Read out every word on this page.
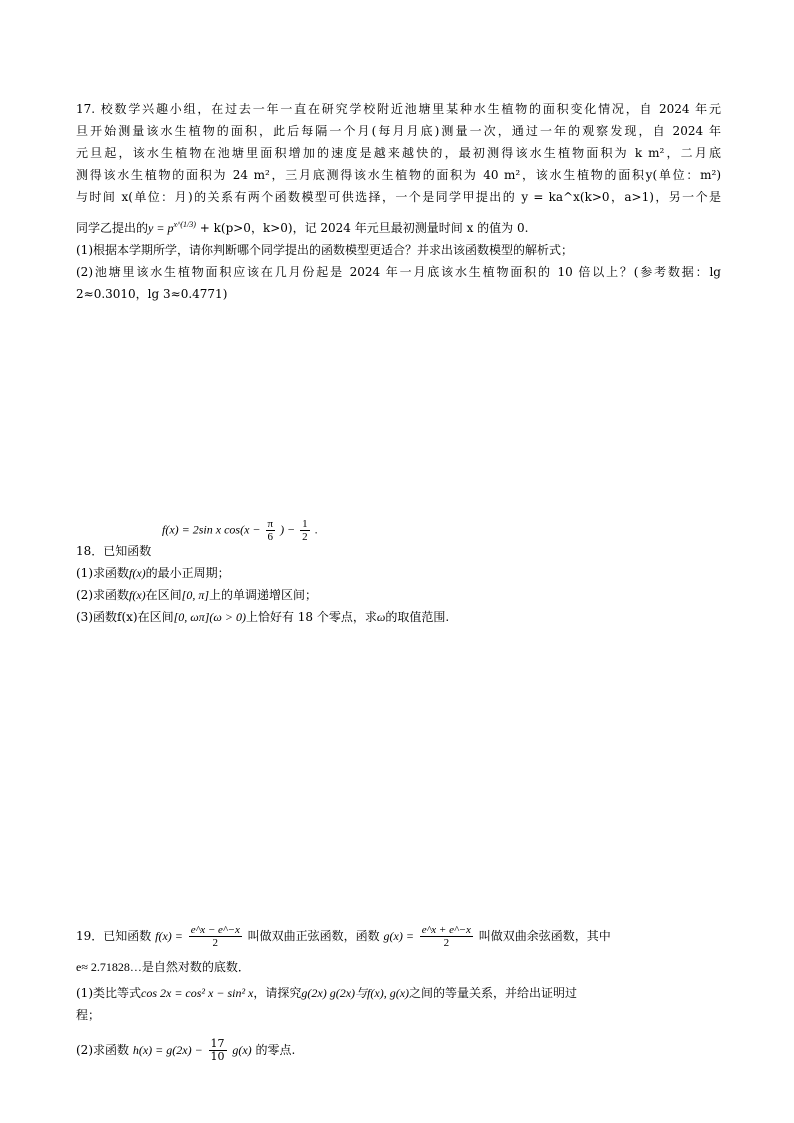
17. 校数学兴趣小组，在过去一年一直在研究学校附近池塘里某种水生植物的面积变化情况，自 2024 年元
旦开始测量该水生植物的面积，此后每隔一个月(每月月底)测量一次，通过一年的观察发现，自 2024 年
元旦起，该水生植物在池塘里面积增加的速度是越来越快的，最初测得该水生植物面积为 k m²，二月底
测得该水生植物的面积为 24 m²，三月底测得该水生植物的面积为 40 m²，该水生植物的面积y(单位：m²)
与时间 x(单位：月)的关系有两个函数模型可供选择，一个是同学甲提出的 y = ka^x(k>0，a>1)，另一个是
同学乙提出的$y = p^{x\^{}(1/3)} + k(p>0$，k>0)，记 2024 年元旦最初测量时间 x 的值为 0.
(1)根据本学期所学，请你判断哪个同学提出的函数模型更适合？并求出该函数模型的解析式；
(2)池塘里该水生植物面积应该在几月份起是 2024 年一月底该水生植物面积的 10 倍以上？(参考数据：lg
2≈0.3010，lg 3≈0.4771)
f(x) = 2sin x $\cos(x - \frac{\pi}{6}$ ) − $\frac{1}{2}$ .
18．已知函数
(1)求函数f(x)的最小正周期；
(2)求函数f(x)在区间[0, π]上的单调递增区间；
(3)函数f(x)在区间[0, ωπ](ω > 0)上恰好有 18 个零点，求ω的取值范围.
19．已知函数 $f(x) = \frac{e\^{}x - e\^{}-x}{2}$ 叫做双曲正弦函数，函数 $g(x) = \frac{e\^{}x + e\^{}-x}{2}$ 叫做双曲余弦函数，其中
e≈ 2.71828…是自然对数的底数．
(1)类比等式cos 2x = cos² x − sin² x，请探究g(2x) g(2x)与f(x), g(x)之间的等量关系，并给出证明过
程；
(2)求函数 $h(x) = g(2x) - \frac{17}{10} g(x)$ 的零点.
